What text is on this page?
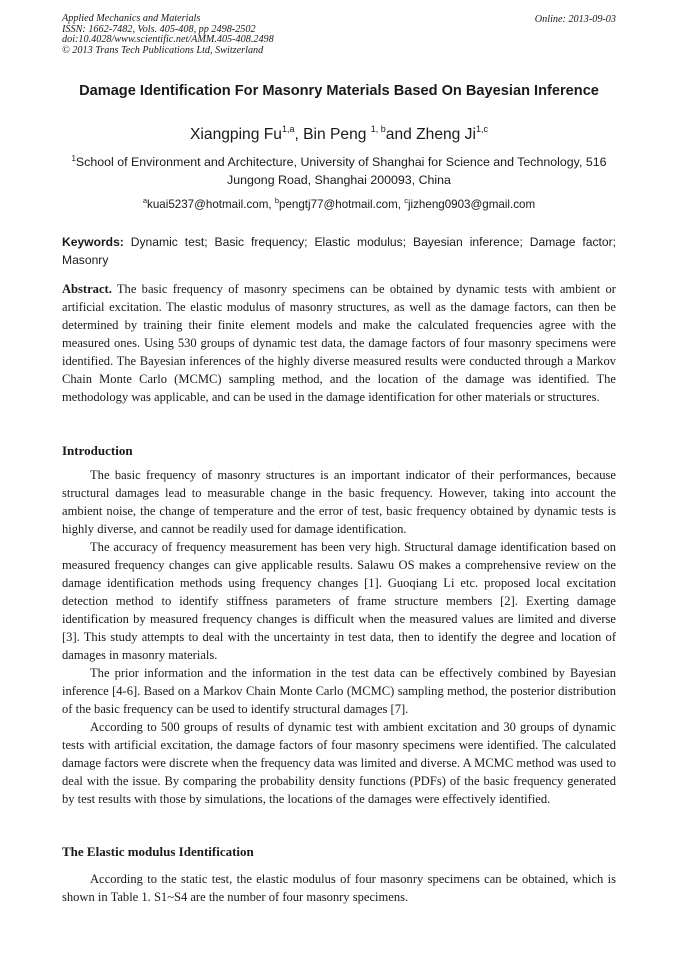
Applied Mechanics and Materials
ISSN: 1662-7482, Vols. 405-408, pp 2498-2502
doi:10.4028/www.scientific.net/AMM.405-408.2498
© 2013 Trans Tech Publications Ltd, Switzerland
Online: 2013-09-03
Damage Identification For Masonry Materials Based On Bayesian Inference
Xiangping Fu$^{1,a}$, Bin Peng $^{1, b}$and Zheng Ji$^{1,c}$
$^1$School of Environment and Architecture, University of Shanghai for Science and Technology, 516
Jungong Road, Shanghai 200093, China
$^a$kuai5237@hotmail.com, $^b$pengtj77@hotmail.com, $^c$jizheng0903@gmail.com
Keywords: Dynamic test; Basic frequency; Elastic modulus; Bayesian inference; Damage factor; Masonry

Abstract. The basic frequency of masonry specimens can be obtained by dynamic tests with ambient or artificial excitation. The elastic modulus of masonry structures, as well as the damage factors, can then be determined by training their finite element models and make the calculated frequencies agree with the measured ones. Using 530 groups of dynamic test data, the damage factors of four masonry specimens were identified. The Bayesian inferences of the highly diverse measured results were conducted through a Markov Chain Monte Carlo (MCMC) sampling method, and the location of the damage was identified. The methodology was applicable, and can be used in the damage identification for other materials or structures.

Introduction

The basic frequency of masonry structures is an important indicator of their performances, because structural damages lead to measurable change in the basic frequency. However, taking into account the ambient noise, the change of temperature and the error of test, basic frequency obtained by dynamic tests is highly diverse, and cannot be readily used for damage identification.

The accuracy of frequency measurement has been very high. Structural damage identification based on measured frequency changes can give applicable results. Salawu OS makes a comprehensive review on the damage identification methods using frequency changes [1]. Guoqiang Li etc. proposed local excitation detection method to identify stiffness parameters of frame structure members [2]. Exerting damage identification by measured frequency changes is difficult when the measured values are limited and diverse [3]. This study attempts to deal with the uncertainty in test data, then to identify the degree and location of damages in masonry materials.

The prior information and the information in the test data can be effectively combined by Bayesian inference [4-6]. Based on a Markov Chain Monte Carlo (MCMC) sampling method, the posterior distribution of the basic frequency can be used to identify structural damages [7].

According to 500 groups of results of dynamic test with ambient excitation and 30 groups of dynamic tests with artificial excitation, the damage factors of four masonry specimens were identified. The calculated damage factors were discrete when the frequency data was limited and diverse. A MCMC method was used to deal with the issue. By comparing the probability density functions (PDFs) of the basic frequency generated by test results with those by simulations, the locations of the damages were effectively identified.

The Elastic modulus Identification

According to the static test, the elastic modulus of four masonry specimens can be obtained, which is shown in Table 1. S1~S4 are the number of four masonry specimens.
